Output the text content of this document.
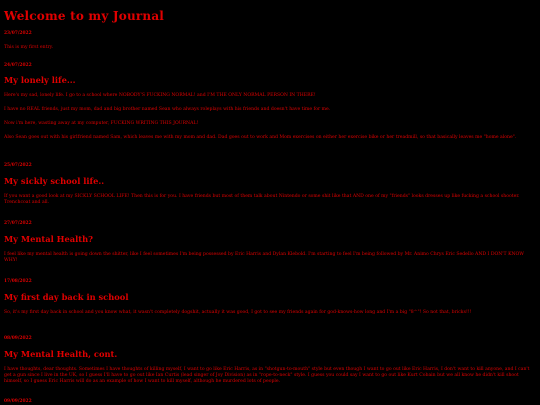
Welcome to my Journal
23/07/2022

This is my first entry.

24/07/2022
My lonely life...

Here's my sad, lonely life. I go to a school where NOBODY'S FUCKING NORMAL! and I'M THE ONLY NORMAL PERSON IN THERE!

I have no REAL friends, just my mom, dad and big brother named Sean who always roleplays with his friends and doesn't have time for me.

Now i'm here, wasting away at my computer, FUCKING WRITING THIS JOURNAL!

Also Sean goes out with his girlfriend named Sam, which leaves me with my mom and dad. Dad goes out to work and Mom exercises on either her exercise bike or her treadmill, so that basically leaves me "home alone".

25/07/2022
My sickly school life..

If you want a good look at my SICKLY SCHOOL LIFE! Then this is for you. I have friends but most of them talk about Nintendo or some shit like that AND one of my "friends" looks dresses up like fucking a school shooter. Trenchcoat and all.

27/07/2022
My Mental Health?

I feel like my mental health is going down the shitter, like I feel sometimes I'm being possessed by Eric Harris and Dylan Klebold. I'm starting to feel I'm being followed by Mr. Animo Chrys Eric Sedello AND I DON'T KNOW WHY!

17/08/2022
My first day back in school

So, it's my first day back in school and you know what, it wasn't completely dogshit, actually it was good, I got to see my friends again for god-knows-how long and I'm a big "8^"! So not that, bricks!!!

08/09/2022
My Mental Health, cont.

I have thoughts, dear thoughts. Sometimes I have thoughts of killing myself, I want to go like Eric Harris, as in "shotgun-to-mouth" style but even though I want to go out like Eric Harris, I don't want to kill anyone, and I can't get a gun since I live in the UK, so I guess I'll have to go out like Ian Curtis (lead singer of Joy Division) as in "rope-to-neck" style. I guess you could say I want to go out like Kurt Cobain but we all know he didn't kill shoot himself, so I guess Eric Harris will do as an example of how I want to kill myself, although he murdered lots of people.

09/09/2022
